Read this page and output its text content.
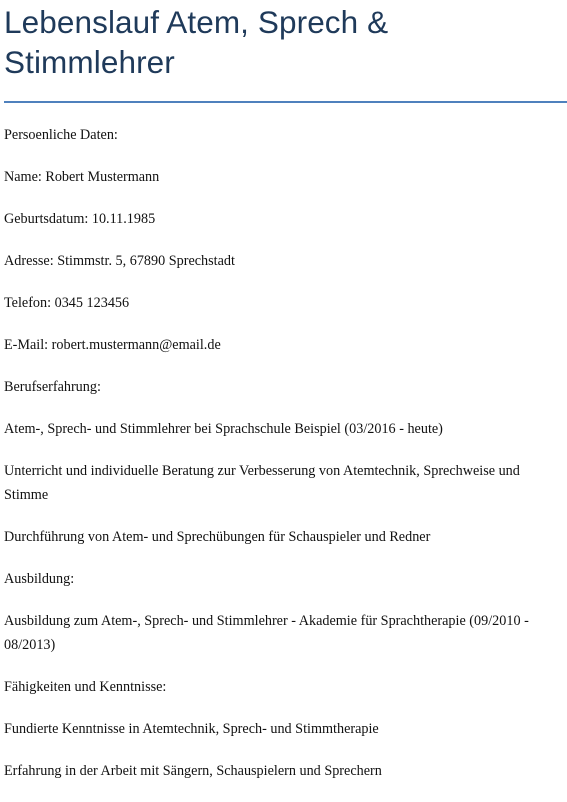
Lebenslauf Atem, Sprech & Stimmlehrer

Persoenliche Daten:

Name: Robert Mustermann

Geburtsdatum: 10.11.1985

Adresse: Stimmstr. 5, 67890 Sprechstadt

Telefon: 0345 123456

E-Mail: robert.mustermann@email.de

Berufserfahrung:

Atem-, Sprech- und Stimmlehrer bei Sprachschule Beispiel (03/2016 - heute)

Unterricht und individuelle Beratung zur Verbesserung von Atemtechnik, Sprechweise und Stimme

Durchführung von Atem- und Sprechübungen für Schauspieler und Redner

Ausbildung:

Ausbildung zum Atem-, Sprech- und Stimmlehrer - Akademie für Sprachtherapie (09/2010 - 08/2013)

Fähigkeiten und Kenntnisse:

Fundierte Kenntnisse in Atemtechnik, Sprech- und Stimmtherapie

Erfahrung in der Arbeit mit Sängern, Schauspielern und Sprechern
